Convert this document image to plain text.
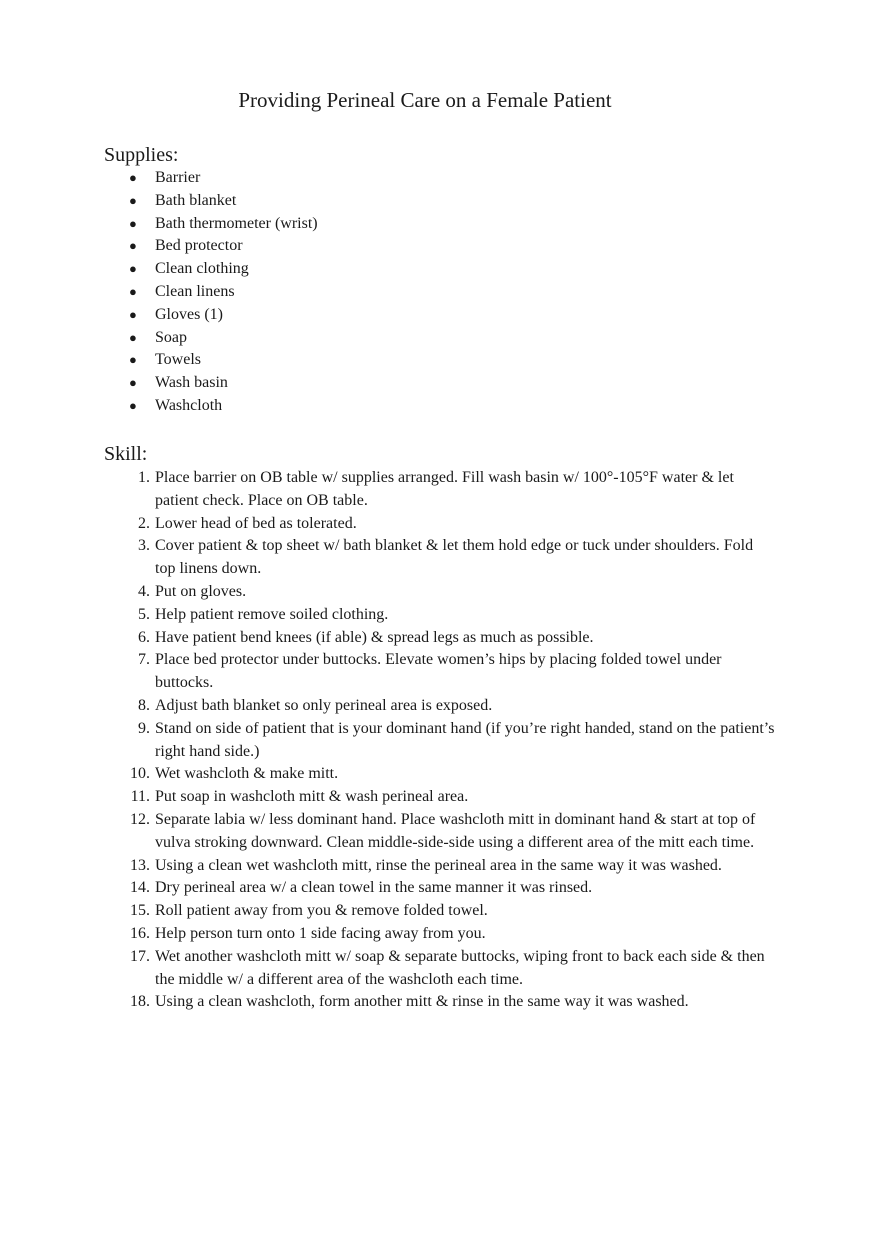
Providing Perineal Care on a Female Patient
Supplies:
● Barrier
● Bath blanket
● Bath thermometer (wrist)
● Bed protector
● Clean clothing
● Clean linens
● Gloves (1)
● Soap
● Towels
● Wash basin
● Washcloth
Skill:
1. Place barrier on OB table w/ supplies arranged. Fill wash basin w/ 100°-105°F water & let patient check. Place on OB table.
2. Lower head of bed as tolerated.
3. Cover patient & top sheet w/ bath blanket & let them hold edge or tuck under shoulders. Fold top linens down.
4. Put on gloves.
5. Help patient remove soiled clothing.
6. Have patient bend knees (if able) & spread legs as much as possible.
7. Place bed protector under buttocks. Elevate women’s hips by placing folded towel under buttocks.
8. Adjust bath blanket so only perineal area is exposed.
9. Stand on side of patient that is your dominant hand (if you’re right handed, stand on the patient’s right hand side.)
10. Wet washcloth & make mitt.
11. Put soap in washcloth mitt & wash perineal area.
12. Separate labia w/ less dominant hand. Place washcloth mitt in dominant hand & start at top of vulva stroking downward. Clean middle-side-side using a different area of the mitt each time.
13. Using a clean wet washcloth mitt, rinse the perineal area in the same way it was washed.
14. Dry perineal area w/ a clean towel in the same manner it was rinsed.
15. Roll patient away from you & remove folded towel.
16. Help person turn onto 1 side facing away from you.
17. Wet another washcloth mitt w/ soap & separate buttocks, wiping front to back each side & then the middle w/ a different area of the washcloth each time.
18. Using a clean washcloth, form another mitt & rinse in the same way it was washed.
